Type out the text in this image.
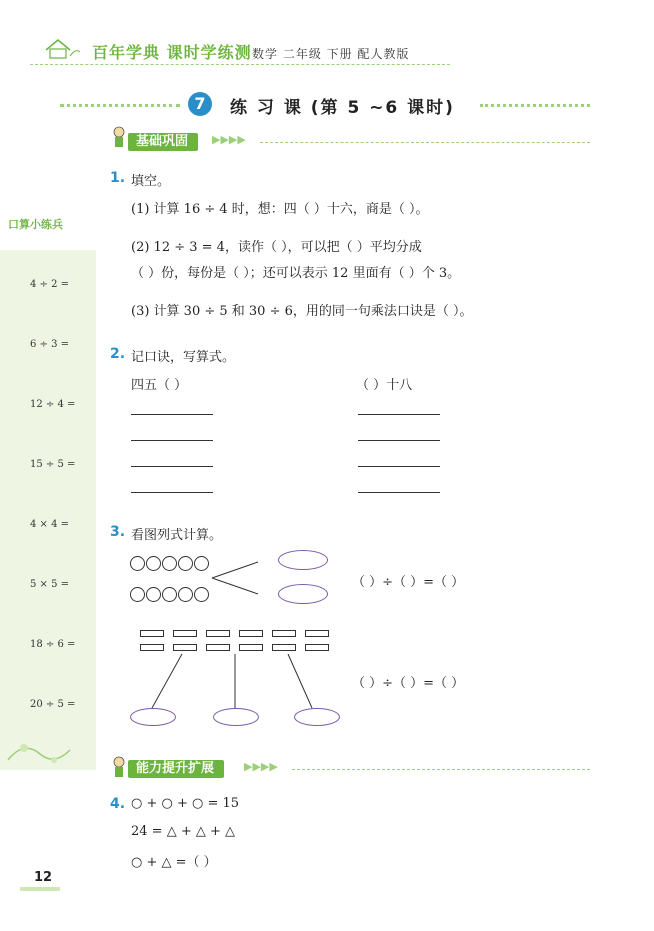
百年学典 课时学练测 数学 二年级 下册 配人教版
7	练 习 课 (第 5 ~6 课时)
基础巩固	▶▶▶▶
口算小练兵
4 ÷ 2 =
6 ÷ 3 =
12 ÷ 4 =
15 ÷ 5 =
4 × 4 =
5 × 5 =
18 ÷ 6 =
20 ÷ 5 =
1. 填空。
(1) 计算 16 ÷ 4 时，想：四（ ）十六，商是（ ）。
(2) 12 ÷ 3 = 4，读作（ ），可以把（ ）平均分成
（ ）份，每份是（ ）；还可以表示 12 里面有（ ）个 3。
(3) 计算 30 ÷ 5 和 30 ÷ 6，用的同一句乘法口诀是（ ）。
2. 记口诀，写算式。
四五（ ）	（ ）十八
3. 看图列式计算。
（ ）÷（ ）=（ ）
（ ）÷（ ）=（ ）
能力提升扩展	▶▶▶▶
4. ○ + ○ + ○ = 15
24 = △ + △ + △
○ + △ =（ ）
12
